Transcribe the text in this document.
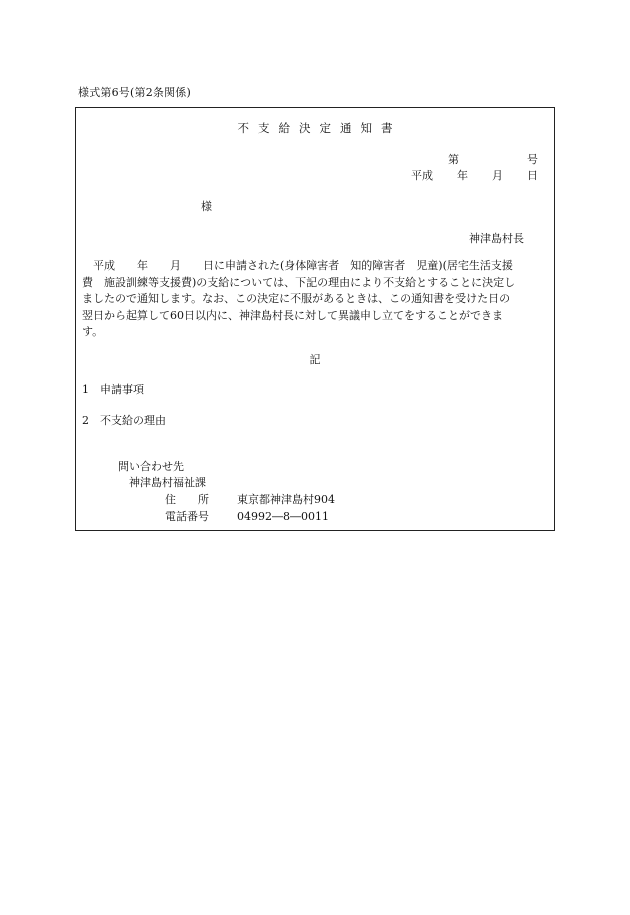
様式第6号(第2条関係)
不支給決定通知書
第	号
平成 年 月 日
様
神津島村長
平成　　年　　月　　日に申請された(身体障害者　知的障害者　児童)(居宅生活支援
費　施設訓練等支援費)の支給については、下記の理由により不支給とすることに決定し
ましたので通知します。なお、この決定に不服があるときは、この通知書を受けた日の
翌日から起算して60日以内に、神津島村長に対して異議申し立てをすることができま
す。
記
1　申請事項
2　不支給の理由
問い合わせ先
神津島村福祉課
住　　所	東京都神津島村904
電話番号	04992―8―0011
